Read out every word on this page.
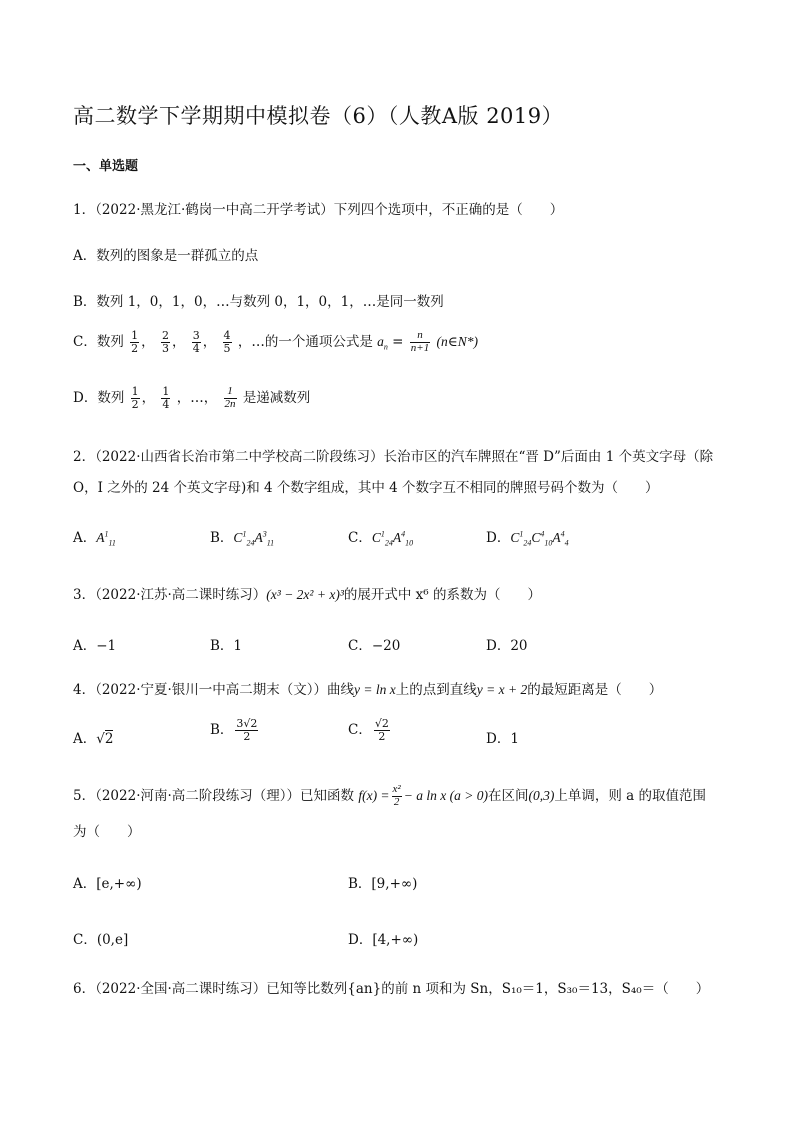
高二数学下学期期中模拟卷（6）（人教A版 2019）
一、单选题
1．（2022·黑龙江·鹤岗一中高二开学考试）下列四个选项中，不正确的是（　　）
A．数列的图象是一群孤立的点
B．数列 1，0，1，0，…与数列 0，1，0，1，…是同一数列
C．数列 $\frac{1}{2}$ ， $\frac{2}{3}$ ， $\frac{3}{4}$ ， $\frac{4}{5}$ ，…的一个通项公式是 $a_n = \frac{n}{n+1}$ (n∈N*)
D．数列 $\frac{1}{2}$ ， $\frac{1}{4}$ ，…， $\frac{1}{2n}$ 是递减数列
2．（2022·山西省长治市第二中学校高二阶段练习）长治市区的汽车牌照在“晋 D”后面由 1 个英文字母（除
O，I 之外的 24 个英文字母)和 4 个数字组成，其中 4 个数字互不相同的牌照号码个数为（　　）
A．$A^1_{11}$	B．$C^1_{24}A^3_{11}$	C．$C^1_{24}A^4_{10}$	D．$C^1_{24}C^4_{10}A^4_4$
3．（2022·江苏·高二课时练习）(x³ − 2x² + x)³的展开式中 x⁶ 的系数为（　　）
A．−1	B．1	C．−20	D．20
4．（2022·宁夏·银川一中高二期末（文））曲线y = ln x上的点到直线y = x + 2的最短距离是（　　）
A．√2
B． $\frac{3√2}{2}$	C． $\frac{√2}{2}$	D．1
5．（2022·河南·高二阶段练习（理））已知函数 $f(x) = \frac{\text{x²}}{2} - a$ ln x (a > 0)在区间(0,3)上单调，则 a 的取值范围
为（　　）
A．[e,+∞)	B．[9,+∞)
C．(0,e]	D．[4,+∞)
6．（2022·全国·高二课时练习）已知等比数列{an}的前 n 项和为 Sn，S₁₀＝1，S₃₀＝13，S₄₀＝（　　）
